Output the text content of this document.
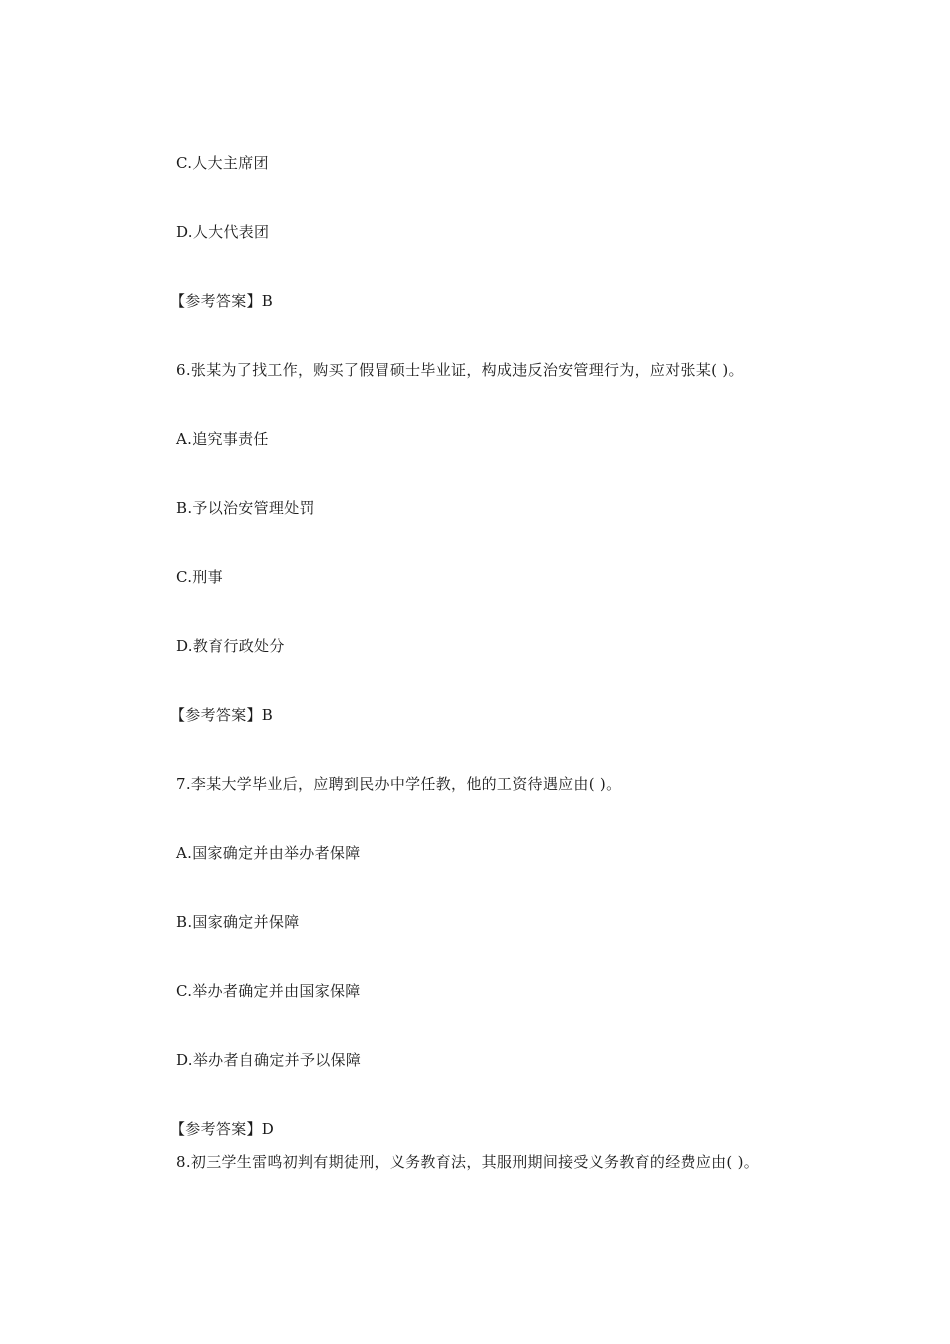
C.人大主席团
D.人大代表团
【参考答案】B
6.张某为了找工作，购买了假冒硕士毕业证，构成违反治安管理行为，应对张某( )。
A.追究事责任
B.予以治安管理处罚
C.刑事
D.教育行政处分
【参考答案】B
7.李某大学毕业后，应聘到民办中学任教，他的工资待遇应由( )。
A.国家确定并由举办者保障
B.国家确定并保障
C.举办者确定并由国家保障
D.举办者自确定并予以保障
【参考答案】D
8.初三学生雷鸣初判有期徒刑，义务教育法，其服刑期间接受义务教育的经费应由( )。
